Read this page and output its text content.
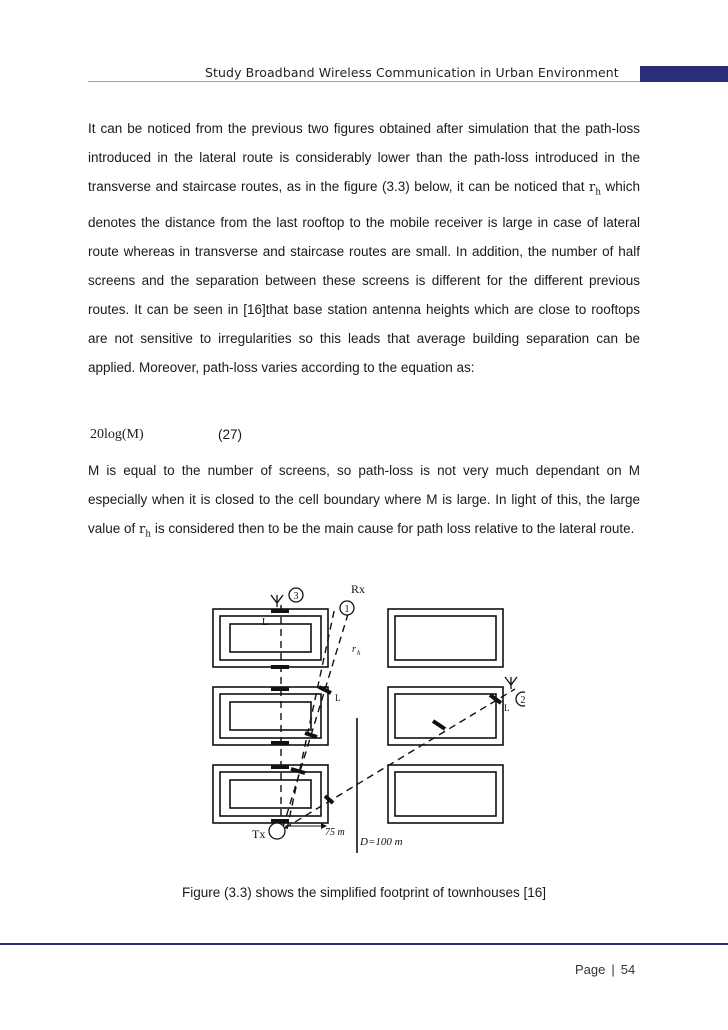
Study Broadband Wireless Communication in Urban Environment

It can be noticed from the previous two figures obtained after simulation that the path-loss introduced in the lateral route is considerably lower than the path-loss introduced in the transverse and staircase routes, as in the figure (3.3) below, it can be noticed that $r_h$ which denotes the distance from the last rooftop to the mobile receiver is large in case of lateral route whereas in transverse and staircase routes are small. In addition, the number of half screens and the separation between these screens is different for the different previous routes. It can be seen in [16]that base station antenna heights which are close to rooftops are not sensitive to irregularities so this leads that average building separation can be applied. Moreover, path-loss varies according to the equation as:

20log(M)	(27)

M is equal to the number of screens, so path-loss is not very much dependant on M especially when it is closed to the cell boundary where M is large. In light of this, the large value of $r_h$ is considered then to be the main cause for path loss relative to the lateral route.

3
1
2
Tx
Rx
L
L
L
r h
75 m
D=100 m
Figure (3.3) shows the simplified footprint of townhouses [16]
Page | 54
